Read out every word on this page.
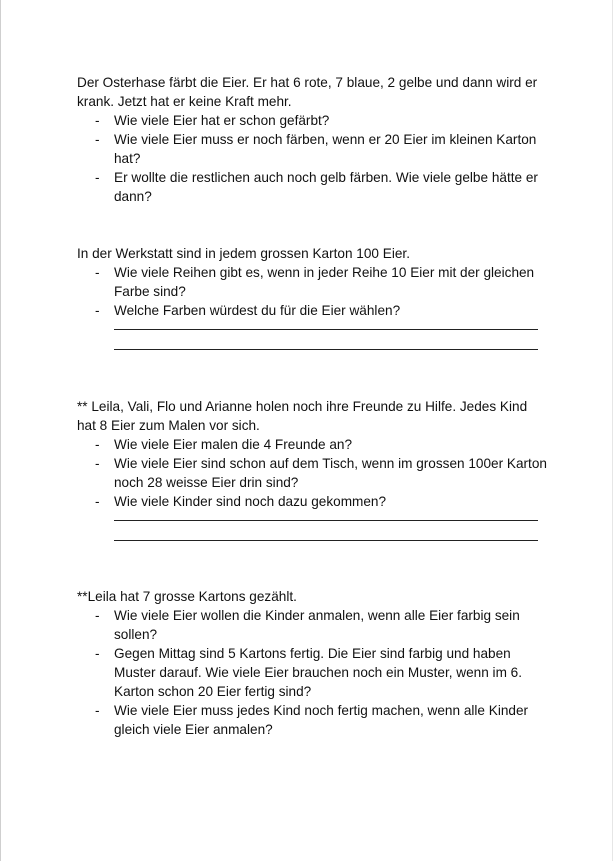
Der Osterhase färbt die Eier. Er hat 6 rote, 7 blaue, 2 gelbe und dann wird er krank. Jetzt hat er keine Kraft mehr.

- Wie viele Eier hat er schon gefärbt?
- Wie viele Eier muss er noch färben, wenn er 20 Eier im kleinen Karton hat?
- Er wollte die restlichen auch noch gelb färben. Wie viele gelbe hätte er dann?

In der Werkstatt sind in jedem grossen Karton 100 Eier.

- Wie viele Reihen gibt es, wenn in jeder Reihe 10 Eier mit der gleichen Farbe sind?
- Welche Farben würdest du für die Eier wählen?

** Leila, Vali, Flo und Arianne holen noch ihre Freunde zu Hilfe. Jedes Kind hat 8 Eier zum Malen vor sich.

- Wie viele Eier malen die 4 Freunde an?
- Wie viele Eier sind schon auf dem Tisch, wenn im grossen 100er Karton noch 28 weisse Eier drin sind?
- Wie viele Kinder sind noch dazu gekommen?

**Leila hat 7 grosse Kartons gezählt.

- Wie viele Eier wollen die Kinder anmalen, wenn alle Eier farbig sein sollen?
- Gegen Mittag sind 5 Kartons fertig. Die Eier sind farbig und haben Muster darauf. Wie viele Eier brauchen noch ein Muster, wenn im 6. Karton schon 20 Eier fertig sind?
- Wie viele Eier muss jedes Kind noch fertig machen, wenn alle Kinder gleich viele Eier anmalen?
